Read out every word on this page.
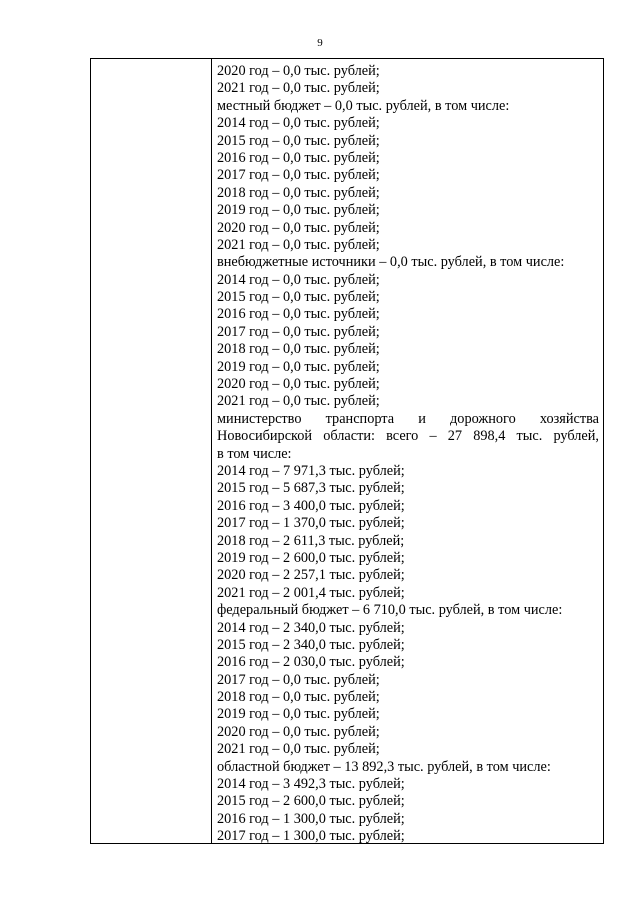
9
2020 год – 0,0 тыс. рублей;
2021 год – 0,0 тыс. рублей;
местный бюджет – 0,0 тыс. рублей, в том числе:
2014 год – 0,0 тыс. рублей;
2015 год – 0,0 тыс. рублей;
2016 год – 0,0 тыс. рублей;
2017 год – 0,0 тыс. рублей;
2018 год – 0,0 тыс. рублей;
2019 год – 0,0 тыс. рублей;
2020 год – 0,0 тыс. рублей;
2021 год – 0,0 тыс. рублей;
внебюджетные источники – 0,0 тыс. рублей, в том числе:
2014 год – 0,0 тыс. рублей;
2015 год – 0,0 тыс. рублей;
2016 год – 0,0 тыс. рублей;
2017 год – 0,0 тыс. рублей;
2018 год – 0,0 тыс. рублей;
2019 год – 0,0 тыс. рублей;
2020 год – 0,0 тыс. рублей;
2021 год – 0,0 тыс. рублей;
министерство транспорта и дорожного хозяйства
Новосибирской области: всего – 27 898,4 тыс. рублей,
в том числе:
2014 год – 7 971,3 тыс. рублей;
2015 год – 5 687,3 тыс. рублей;
2016 год – 3 400,0 тыс. рублей;
2017 год – 1 370,0 тыс. рублей;
2018 год – 2 611,3 тыс. рублей;
2019 год – 2 600,0 тыс. рублей;
2020 год – 2 257,1 тыс. рублей;
2021 год – 2 001,4 тыс. рублей;
федеральный бюджет – 6 710,0 тыс. рублей, в том числе:
2014 год – 2 340,0 тыс. рублей;
2015 год – 2 340,0 тыс. рублей;
2016 год – 2 030,0 тыс. рублей;
2017 год – 0,0 тыс. рублей;
2018 год – 0,0 тыс. рублей;
2019 год – 0,0 тыс. рублей;
2020 год – 0,0 тыс. рублей;
2021 год – 0,0 тыс. рублей;
областной бюджет – 13 892,3 тыс. рублей, в том числе:
2014 год – 3 492,3 тыс. рублей;
2015 год – 2 600,0 тыс. рублей;
2016 год – 1 300,0 тыс. рублей;
2017 год – 1 300,0 тыс. рублей;
